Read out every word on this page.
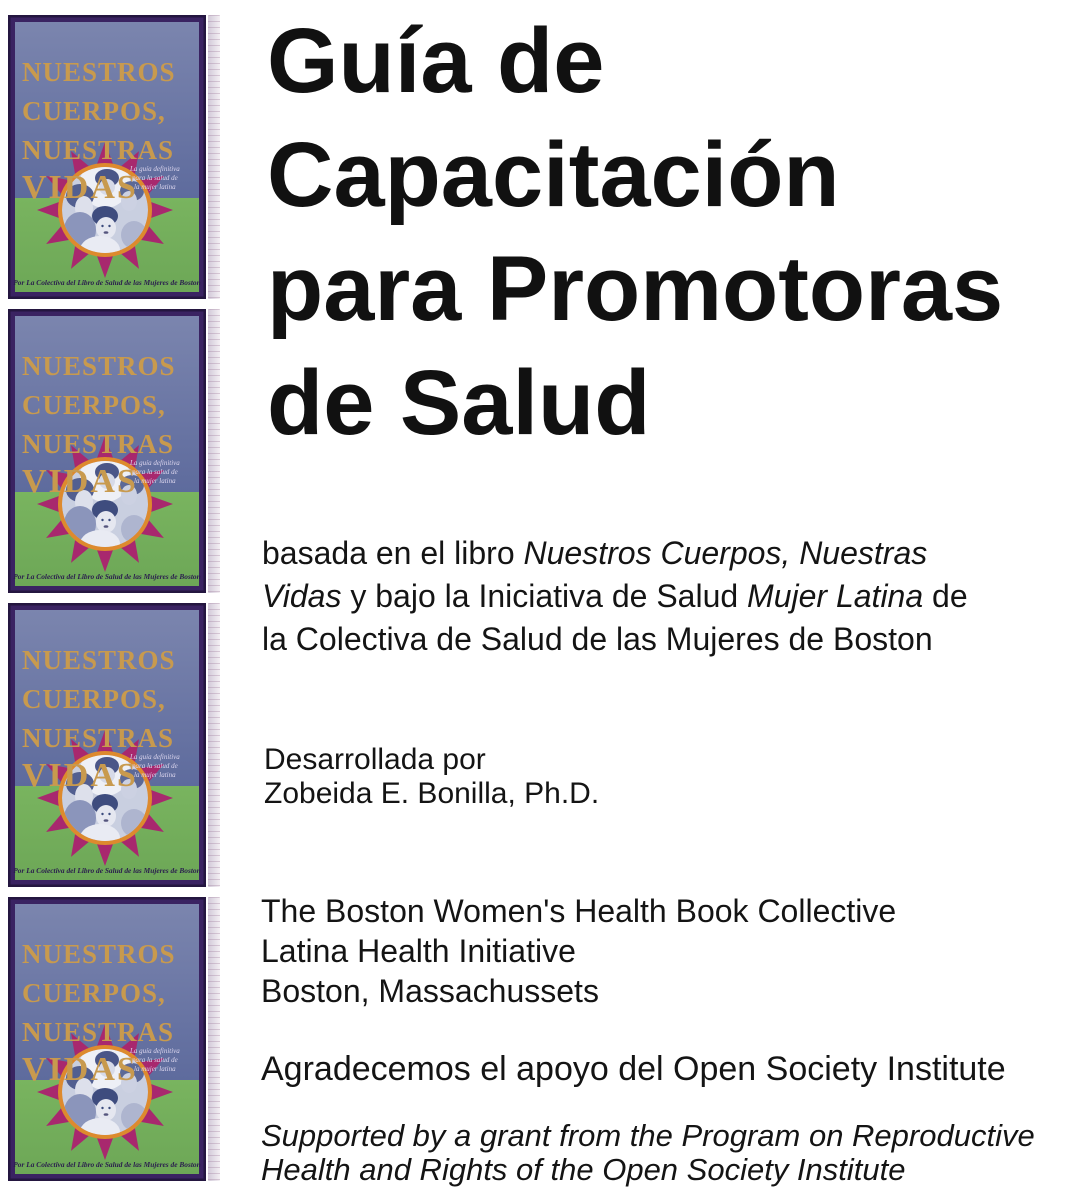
NUESTROS
CUERPOS,
NUESTRAS
VIDAS
La guía definitiva
para la salud de
la mujer latina
Por La Colectiva del Libro de Salud de las Mujeres de Boston
NUESTROS
CUERPOS,
NUESTRAS
VIDAS
La guía definitiva
para la salud de
la mujer latina
Por La Colectiva del Libro de Salud de las Mujeres de Boston
NUESTROS
CUERPOS,
NUESTRAS
VIDAS
La guía definitiva
para la salud de
la mujer latina
Por La Colectiva del Libro de Salud de las Mujeres de Boston
NUESTROS
CUERPOS,
NUESTRAS
VIDAS
La guía definitiva
para la salud de
la mujer latina
Por La Colectiva del Libro de Salud de las Mujeres de Boston
Guía de
Capacitación
para Promotoras
de Salud

basada en el libro Nuestros Cuerpos, Nuestras
Vidas y bajo la Iniciativa de Salud Mujer Latina de
la Colectiva de Salud de las Mujeres de Boston

Desarrollada por
Zobeida E. Bonilla, Ph.D.
The Boston Women's Health Book Collective
Latina Health Initiative
Boston, Massachussets
Agradecemos el apoyo del Open Society Institute
Supported by a grant from the Program on Reproductive
Health and Rights of the Open Society Institute
